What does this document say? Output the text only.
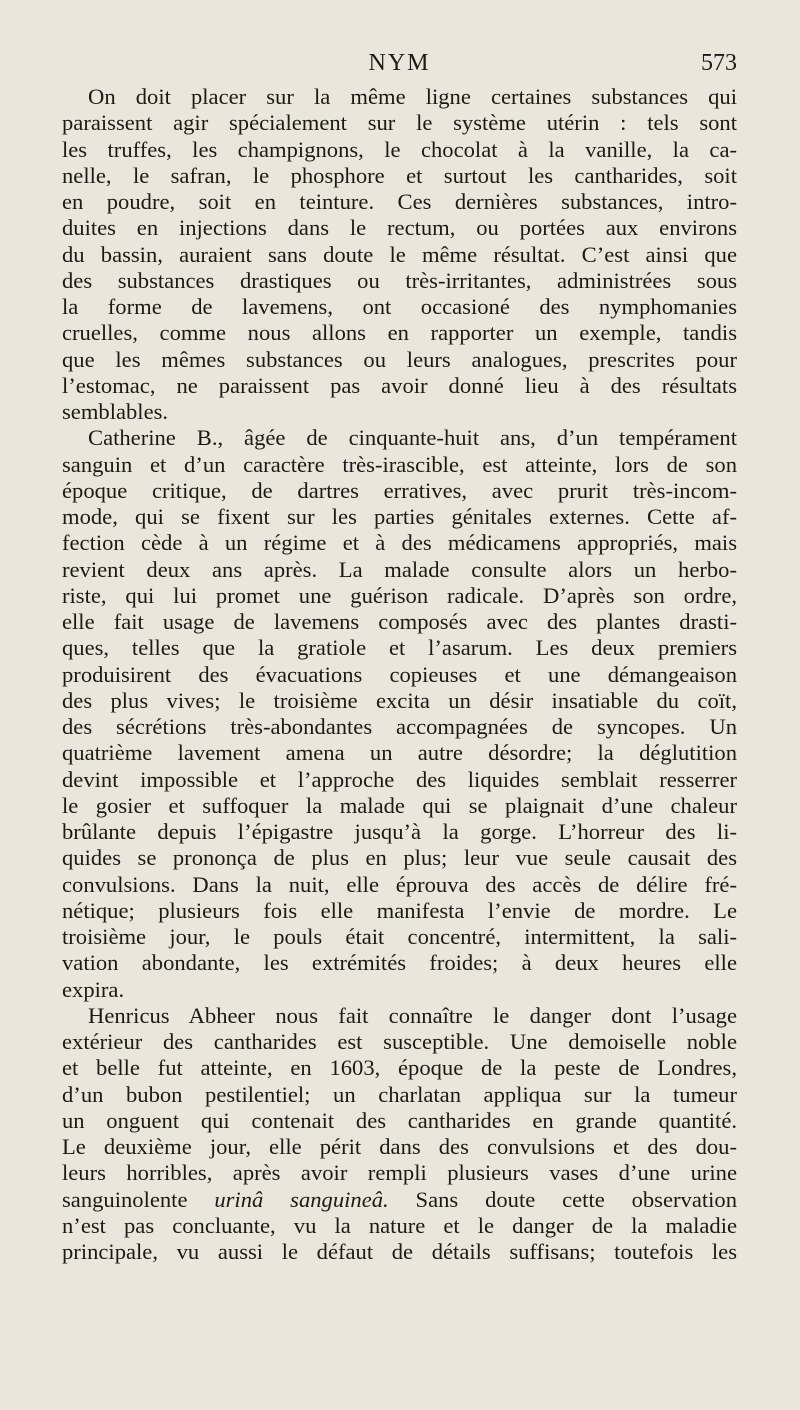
NYM	573
On doit placer sur la même ligne certaines substances qui
paraissent agir spécialement sur le système utérin : tels sont
les truffes, les champignons, le chocolat à la vanille, la ca-
nelle, le safran, le phosphore et surtout les cantharides, soit
en poudre, soit en teinture. Ces dernières substances, intro-
duites en injections dans le rectum, ou portées aux environs
du bassin, auraient sans doute le même résultat. C’est ainsi que
des substances drastiques ou très-irritantes, administrées sous
la forme de lavemens, ont occasioné des nymphomanies
cruelles, comme nous allons en rapporter un exemple, tandis
que les mêmes substances ou leurs analogues, prescrites pour
l’estomac, ne paraissent pas avoir donné lieu à des résultats
semblables.
Catherine B., âgée de cinquante-huit ans, d’un tempérament
sanguin et d’un caractère très-irascible, est atteinte, lors de son
époque critique, de dartres erratives, avec prurit très-incom-
mode, qui se fixent sur les parties génitales externes. Cette af-
fection cède à un régime et à des médicamens appropriés, mais
revient deux ans après. La malade consulte alors un herbo-
riste, qui lui promet une guérison radicale. D’après son ordre,
elle fait usage de lavemens composés avec des plantes drasti-
ques, telles que la gratiole et l’asarum. Les deux premiers
produisirent des évacuations copieuses et une démangeaison
des plus vives; le troisième excita un désir insatiable du coït,
des sécrétions très-abondantes accompagnées de syncopes. Un
quatrième lavement amena un autre désordre; la déglutition
devint impossible et l’approche des liquides semblait resserrer
le gosier et suffoquer la malade qui se plaignait d’une chaleur
brûlante depuis l’épigastre jusqu’à la gorge. L’horreur des li-
quides se prononça de plus en plus; leur vue seule causait des
convulsions. Dans la nuit, elle éprouva des accès de délire fré-
nétique; plusieurs fois elle manifesta l’envie de mordre. Le
troisième jour, le pouls était concentré, intermittent, la sali-
vation abondante, les extrémités froides; à deux heures elle
expira.
Henricus Abheer nous fait connaître le danger dont l’usage
extérieur des cantharides est susceptible. Une demoiselle noble
et belle fut atteinte, en 1603, époque de la peste de Londres,
d’un bubon pestilentiel; un charlatan appliqua sur la tumeur
un onguent qui contenait des cantharides en grande quantité.
Le deuxième jour, elle périt dans des convulsions et des dou-
leurs horribles, après avoir rempli plusieurs vases d’une urine
sanguinolente urinâ sanguineâ. Sans doute cette observation
n’est pas concluante, vu la nature et le danger de la maladie
principale, vu aussi le défaut de détails suffisans; toutefois les
